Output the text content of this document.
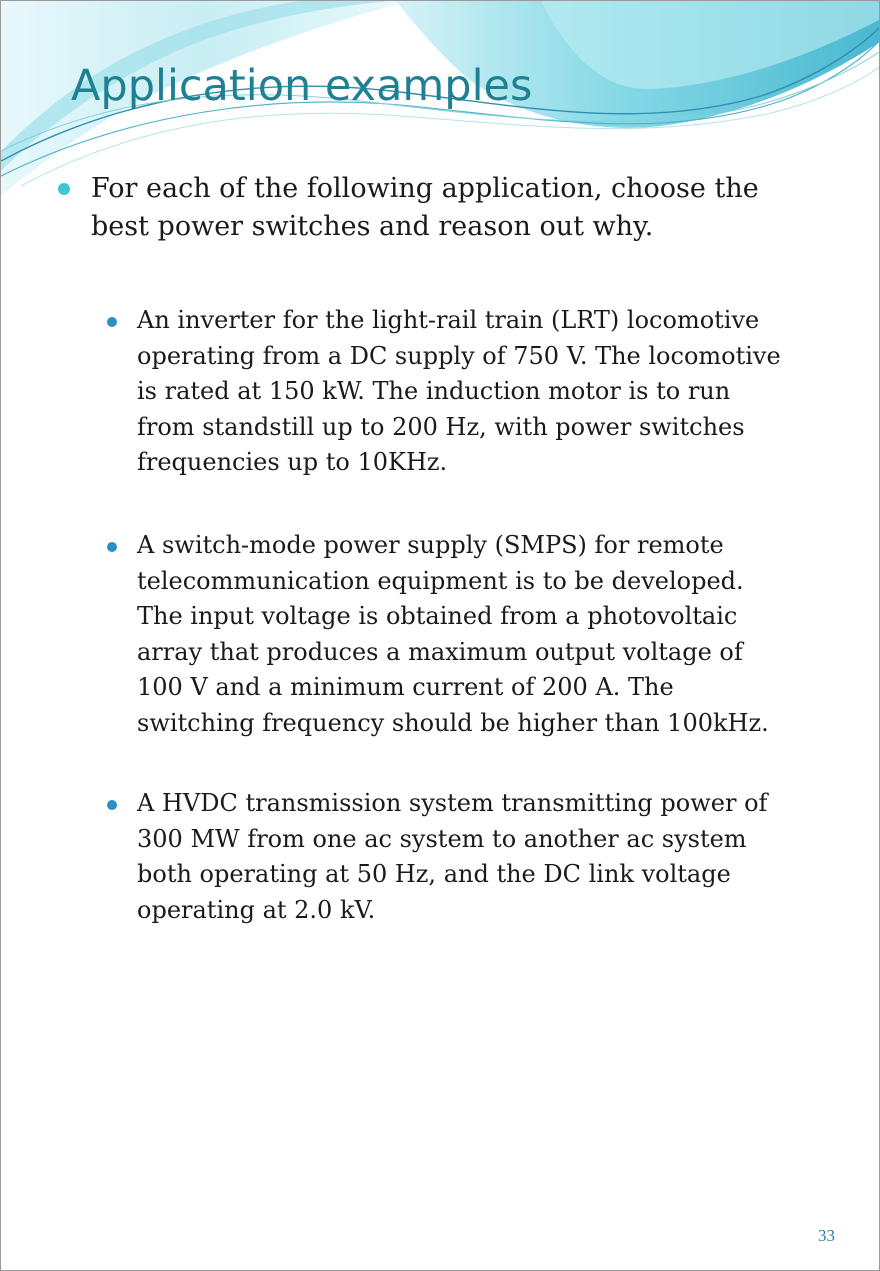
Application examples

For each of the following application, choose the best power switches and reason out why.

An inverter for the light-rail train (LRT) locomotive
operating from a DC supply of 750 V. The locomotive
is rated at 150 kW. The induction motor is to run
from standstill up to 200 Hz, with power switches
frequencies up to 10KHz.

A switch-mode power supply (SMPS) for remote
telecommunication equipment is to be developed.
The input voltage is obtained from a photovoltaic
array that produces a maximum output voltage of
100 V and a minimum current of 200 A. The
switching frequency should be higher than 100kHz.

A HVDC transmission system transmitting power of
300 MW from one ac system to another ac system
both operating at 50 Hz, and the DC link voltage
operating at 2.0 kV.

33
